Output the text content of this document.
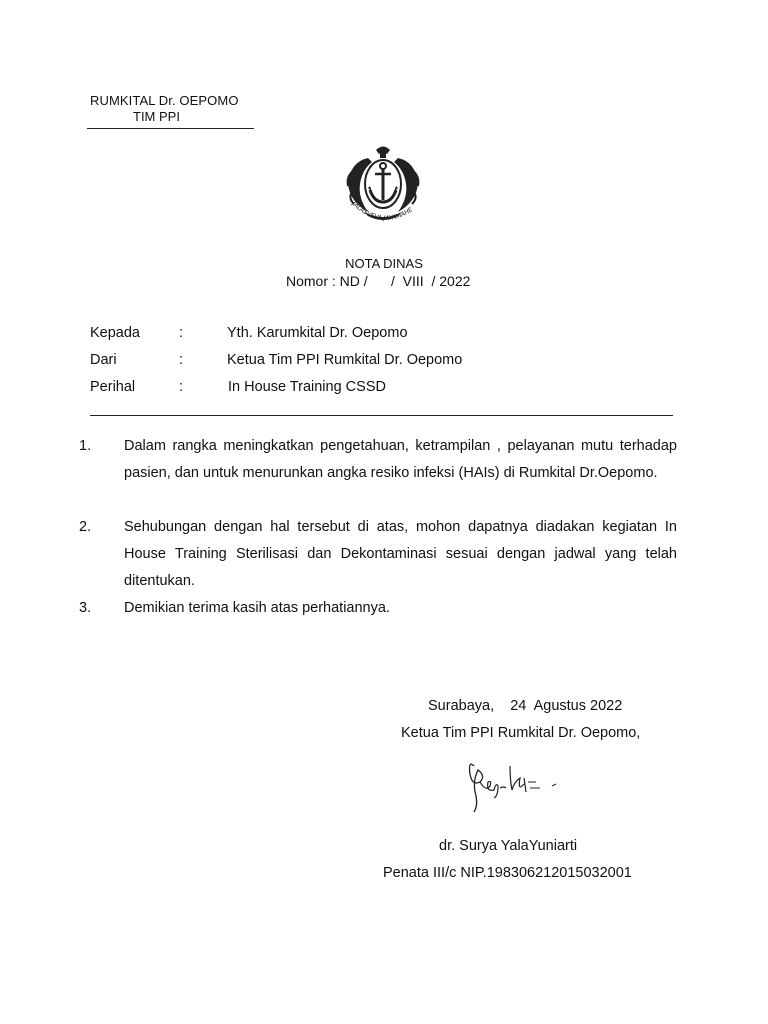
RUMKITAL Dr. OEPOMO
TIM PPI
JALASVEVA JAYAMAHE
NOTA DINAS
Nomor : ND /      /  VIII  / 2022
Kepada	:	Yth. Karumkital Dr. Oepomo
Dari	:	Ketua Tim PPI Rumkital Dr. Oepomo
Perihal	:	In House Training CSSD
1. Dalam rangka meningkatkan pengetahuan, ketrampilan , pelayanan mutu terhadap pasien, dan untuk menurunkan angka resiko infeksi (HAIs) di Rumkital Dr.Oepomo.
2. Sehubungan dengan hal tersebut di atas, mohon dapatnya diadakan kegiatan In House Training Sterilisasi dan Dekontaminasi sesuai dengan jadwal yang telah ditentukan.
3. Demikian terima kasih atas perhatiannya.
Surabaya,    24  Agustus 2022
Ketua Tim PPI Rumkital Dr. Oepomo,
dr. Surya YalaYuniarti
Penata III/c NIP.198306212015032001
